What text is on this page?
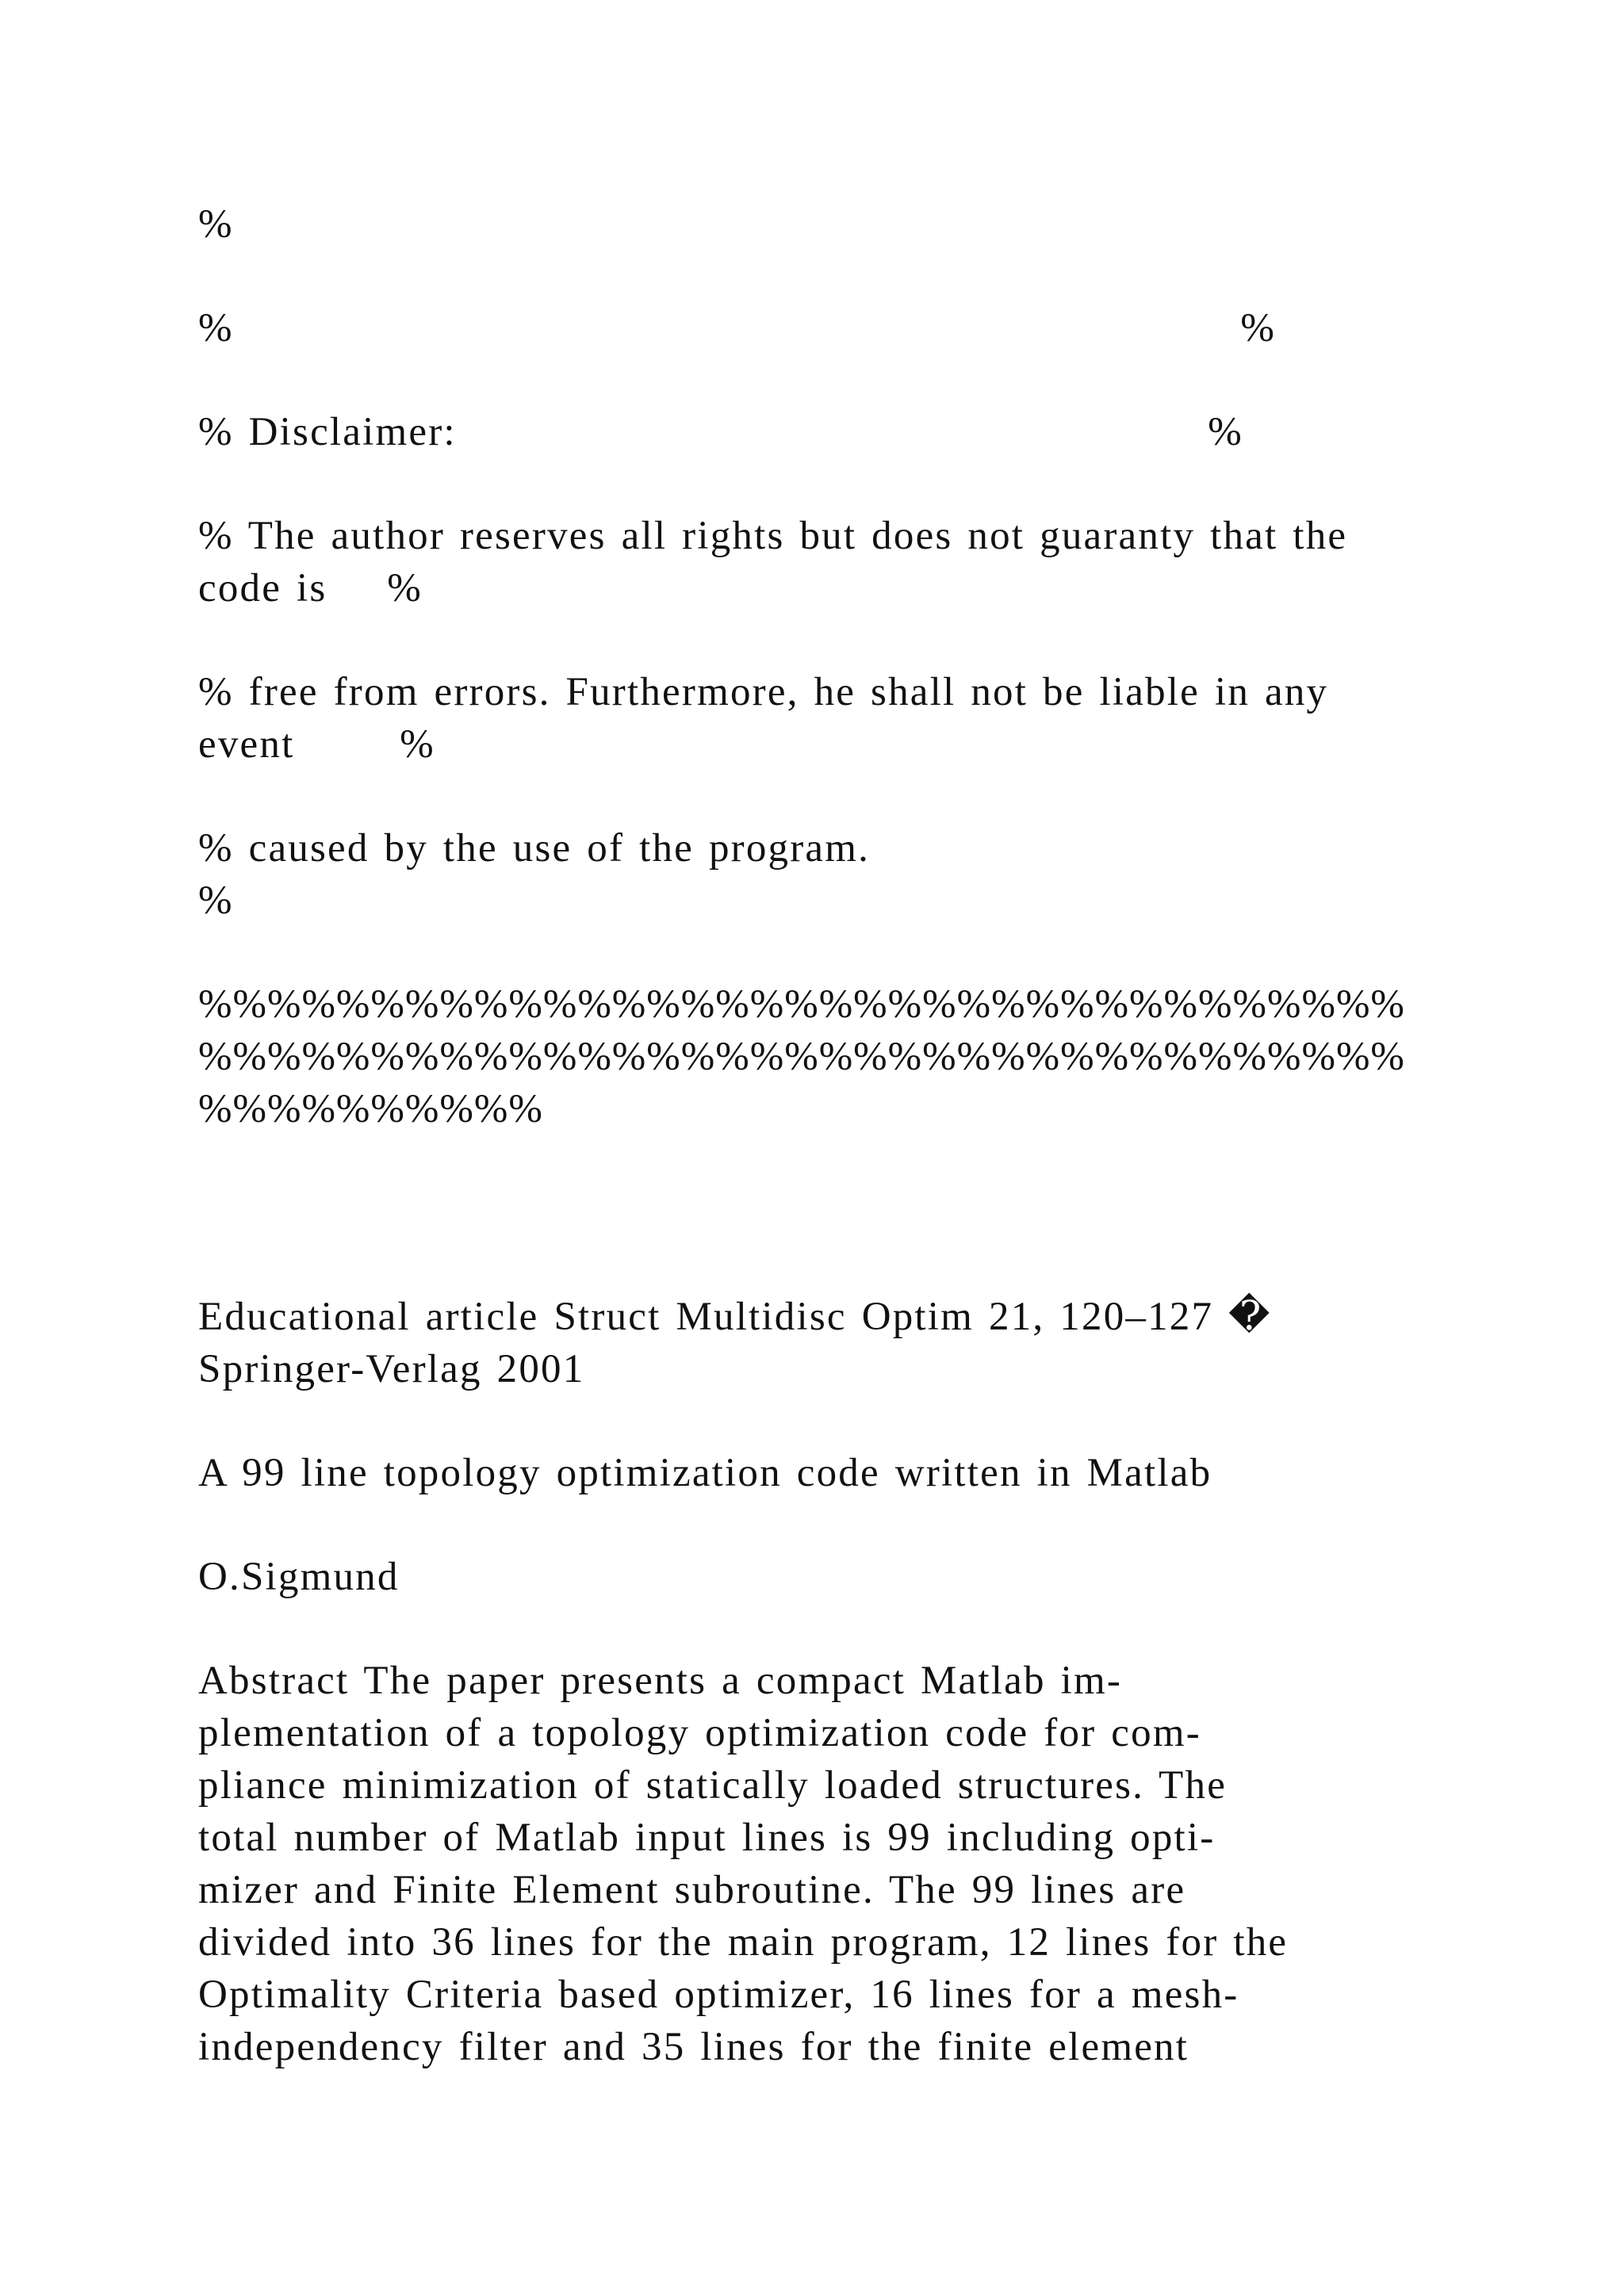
%

%                                                                   %

% Disclaimer:                                                  %

% The author reserves all rights but does not guaranty that the
code is    %

% free from errors. Furthermore, he shall not be liable in any
event       %

% caused by the use of the program.
%

%%%%%%%%%%%%%%%%%%%%%%%%%%%%%%%%%%%

%%%%%%%%%%%%%%%%%%%%%%%%%%%%%%%%%%%

%%%%%%%%%%

Educational article Struct Multidisc Optim 21, 120–127 �
Springer-Verlag 2001

A 99 line topology optimization code written in Matlab

O.Sigmund

Abstract The paper presents a compact Matlab im-

plementation of a topology optimization code for com-

pliance minimization of statically loaded structures. The

total number of Matlab input lines is 99 including opti-

mizer and Finite Element subroutine. The 99 lines are

divided into 36 lines for the main program, 12 lines for the

Optimality Criteria based optimizer, 16 lines for a mesh-

independency filter and 35 lines for the finite element
